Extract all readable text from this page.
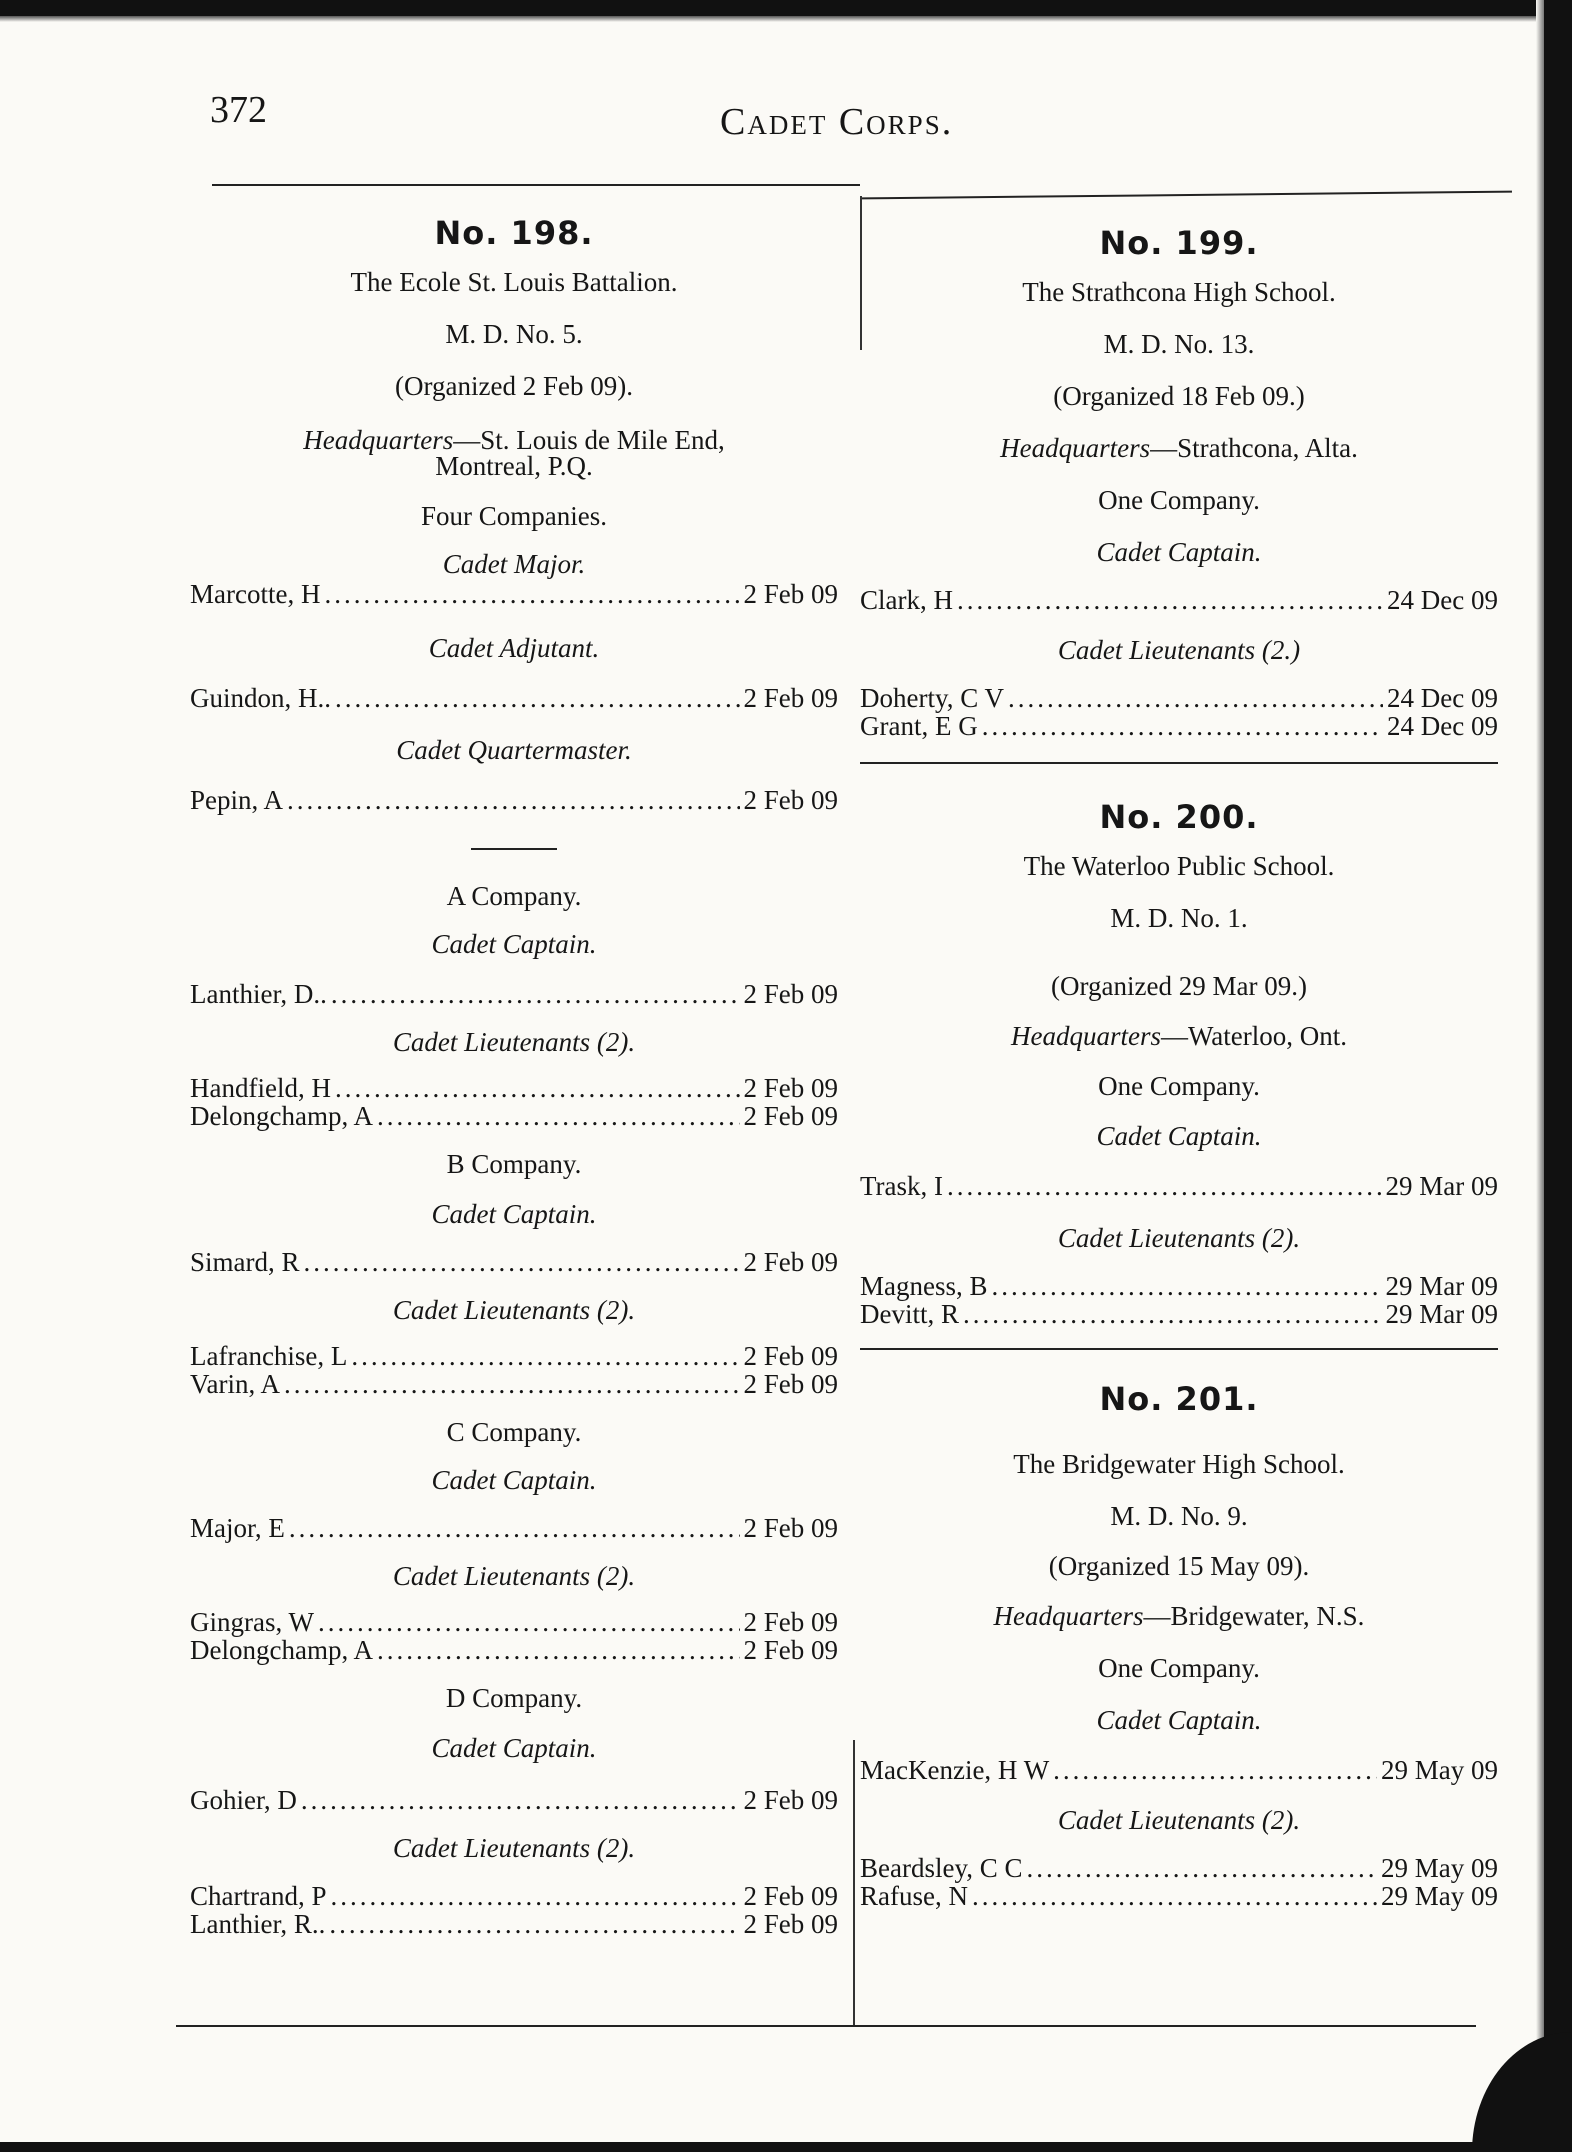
372	Cadet Corps.
No. 198.
The Ecole St. Louis Battalion.
M. D. No. 5.
(Organized 2 Feb 09).
Headquarters—St. Louis de Mile End,
Montreal, P.Q.
Four Companies.
Cadet Major.
Marcotte, H .....	2 Feb 09
Cadet Adjutant.
Guindon, H.. .....	2 Feb 09
Cadet Quartermaster.
Pepin, A .....	2 Feb 09
A Company.
Cadet Captain.
Lanthier, D.. .....	2 Feb 09
Cadet Lieutenants (2).
Handfield, H .....	2 Feb 09
Delongchamp, A .....	2 Feb 09
B Company.
Cadet Captain.
Simard, R .....	2 Feb 09
Cadet Lieutenants (2).
Lafranchise, L .....	2 Feb 09
Varin, A .....	2 Feb 09
C Company.
Cadet Captain.
Major, E .....	2 Feb 09
Cadet Lieutenants (2).
Gingras, W .....	2 Feb 09
Delongchamp, A .....	2 Feb 09
D Company.
Cadet Captain.
Gohier, D .....	2 Feb 09
Cadet Lieutenants (2).
Chartrand, P .....	2 Feb 09
Lanthier, R.. .....	2 Feb 09
No. 199.
The Strathcona High School.
M. D. No. 13.
(Organized 18 Feb 09.)
Headquarters—Strathcona, Alta.
One Company.
Cadet Captain.
Clark, H .....	24 Dec 09
Cadet Lieutenants (2.)
Doherty, C V .....	24 Dec 09
Grant, E G .....	24 Dec 09
No. 200.
The Waterloo Public School.
M. D. No. 1.
(Organized 29 Mar 09.)
Headquarters—Waterloo, Ont.
One Company.
Cadet Captain.
Trask, I .....	29 Mar 09
Cadet Lieutenants (2).
Magness, B .....	29 Mar 09
Devitt, R .....	29 Mar 09
No. 201.
The Bridgewater High School.
M. D. No. 9.
(Organized 15 May 09).
Headquarters—Bridgewater, N.S.
One Company.
Cadet Captain.
MacKenzie, H W .....	29 May 09
Cadet Lieutenants (2).
Beardsley, C C .....	29 May 09
Rafuse, N .....	29 May 09
